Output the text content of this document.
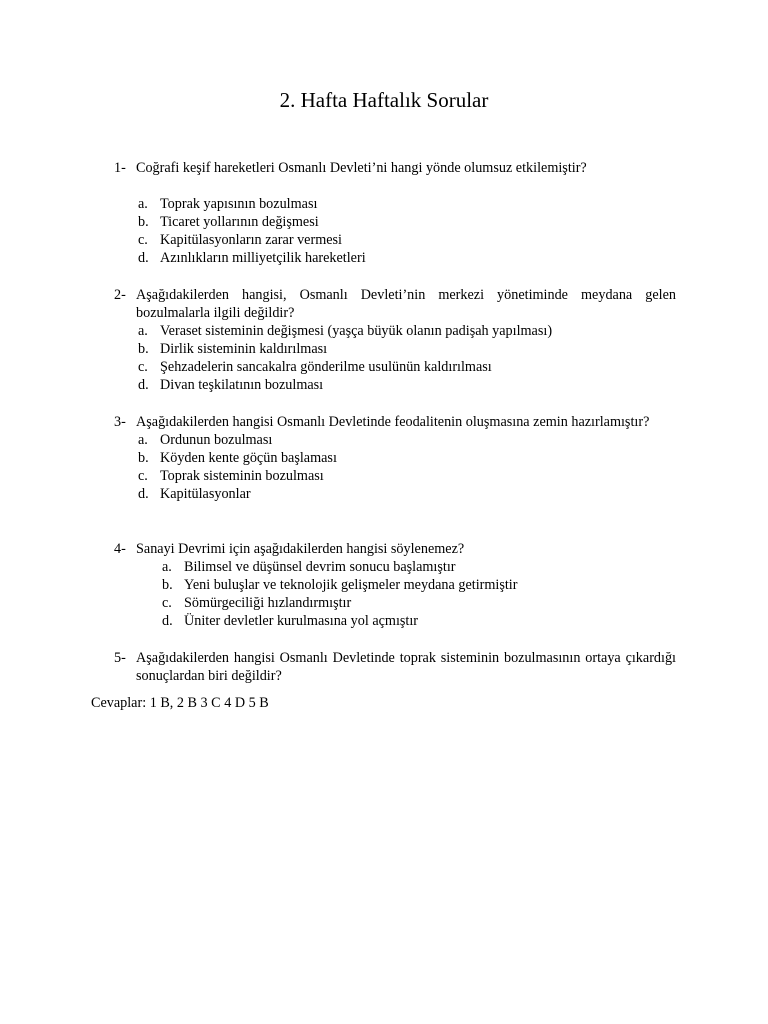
2. Hafta Haftalık Sorular
1- Coğrafi keşif hareketleri Osmanlı Devleti’ni hangi yönde olumsuz etkilemiştir?
a. Toprak yapısının bozulması
b. Ticaret yollarının değişmesi
c. Kapitülasyonların zarar vermesi
d. Azınlıkların milliyetçilik hareketleri
2- Aşağıdakilerden hangisi, Osmanlı Devleti’nin merkezi yönetiminde meydana gelen bozulmalarla ilgili değildir?
a. Veraset sisteminin değişmesi (yaşça büyük olanın padişah yapılması)
b. Dirlik sisteminin kaldırılması
c. Şehzadelerin sancakalra gönderilme usulünün kaldırılması
d. Divan teşkilatının bozulması
3- Aşağıdakilerden hangisi Osmanlı Devletinde feodalitenin oluşmasına zemin hazırlamıştır?
a. Ordunun bozulması
b. Köyden kente göçün başlaması
c. Toprak sisteminin bozulması
d. Kapitülasyonlar
4- Sanayi Devrimi için aşağıdakilerden hangisi söylenemez?
a. Bilimsel ve düşünsel devrim sonucu başlamıştır
b. Yeni buluşlar ve teknolojik gelişmeler meydana getirmiştir
c. Sömürgeciliği hızlandırmıştır
d. Üniter devletler kurulmasına yol açmıştır
5- Aşağıdakilerden hangisi Osmanlı Devletinde toprak sisteminin bozulmasının ortaya çıkardığı sonuçlardan biri değildir?
Cevaplar: 1 B, 2 B 3 C 4 D 5 B
